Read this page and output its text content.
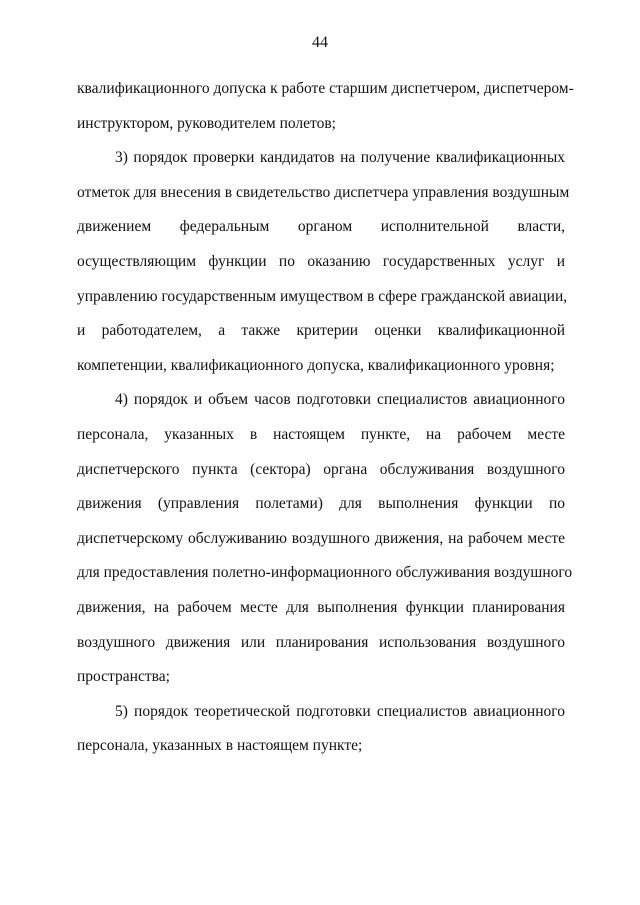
44
квалификационного допуска к работе старшим диспетчером, диспетчером-
инструктором, руководителем полетов;
3) порядок проверки кандидатов на получение квалификационных
отметок для внесения в свидетельство диспетчера управления воздушным
движением федеральным органом исполнительной власти,
осуществляющим функции по оказанию государственных услуг и
управлению государственным имуществом в сфере гражданской авиации,
и работодателем, а также критерии оценки квалификационной
компетенции, квалификационного допуска, квалификационного уровня;
4) порядок и объем часов подготовки специалистов авиационного
персонала, указанных в настоящем пункте, на рабочем месте
диспетчерского пункта (сектора) органа обслуживания воздушного
движения (управления полетами) для выполнения функции по
диспетчерскому обслуживанию воздушного движения, на рабочем месте
для предоставления полетно-информационного обслуживания воздушного
движения, на рабочем месте для выполнения функции планирования
воздушного движения или планирования использования воздушного
пространства;
5) порядок теоретической подготовки специалистов авиационного
персонала, указанных в настоящем пункте;
